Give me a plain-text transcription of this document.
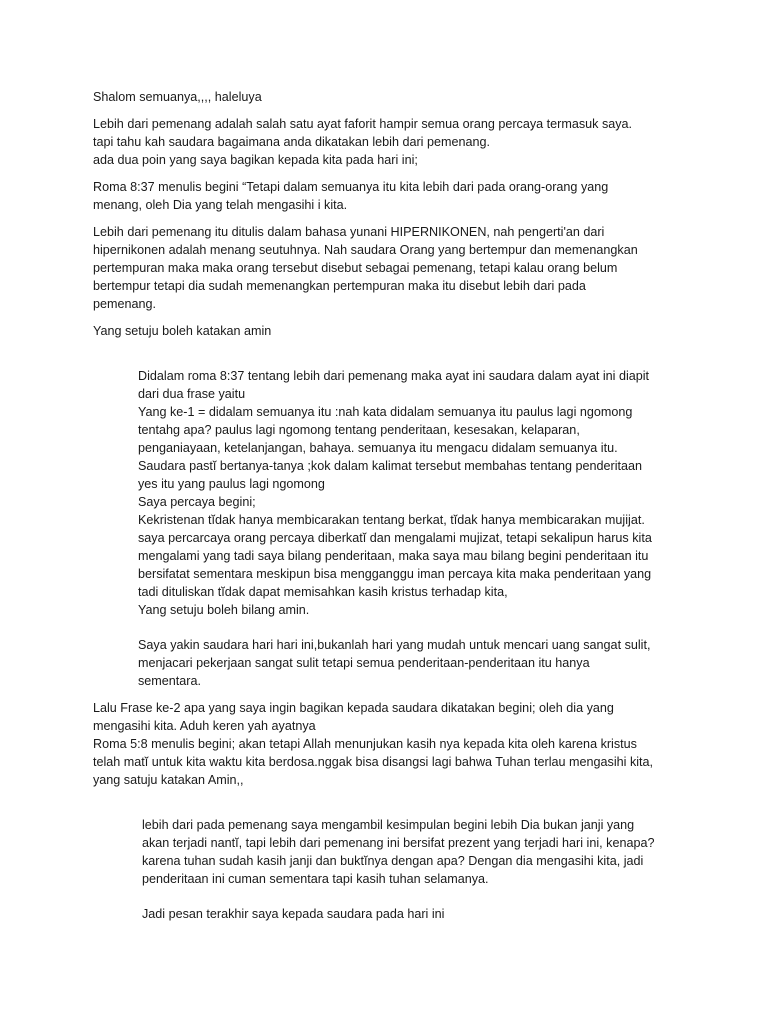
Shalom semuanya,,,, haleluya
Lebih dari pemenang adalah salah satu ayat faforit hampir semua orang percaya termasuk saya.
tapi tahu kah saudara bagaimana anda dikatakan lebih dari pemenang.
ada dua poin yang saya bagikan kepada kita pada hari ini;
Roma 8:37 menulis begini “Tetapi dalam semuanya itu kita lebih dari pada orang-orang yang
menang, oleh Dia yang telah mengasihi i kita.
Lebih dari pemenang itu ditulis dalam bahasa yunani HIPERNIKONEN, nah pengerti'an dari
hipernikonen adalah menang seutuhnya. Nah saudara Orang yang bertempur dan memenangkan
pertempuran maka maka orang tersebut disebut sebagai pemenang, tetapi kalau orang belum
bertempur tetapi dia sudah memenangkan pertempuran maka itu disebut lebih dari pada
pemenang.
Yang setuju boleh katakan amin
Didalam roma 8:37 tentang lebih dari pemenang maka ayat ini saudara dalam ayat ini diapit
dari dua frase yaitu
Yang ke-1 = didalam semuanya itu :nah kata didalam semuanya itu paulus lagi ngomong
tentahg apa? paulus lagi ngomong tentang penderitaan, kesesakan, kelaparan,
penganiayaan, ketelanjangan, bahaya. semuanya itu mengacu didalam semuanya itu.
Saudara pastĭ bertanya-tanya ;kok dalam kalimat tersebut membahas tentang penderitaan
yes itu yang paulus lagi ngomong
Saya percaya begini;
Kekristenan tĭdak hanya membicarakan tentang berkat, tĭdak hanya membicarakan mujijat.
saya percarcaya orang percaya diberkatĭ dan mengalami mujizat, tetapi sekalipun harus kita
mengalami yang tadi saya bilang penderitaan, maka saya mau bilang begini penderitaan itu
bersifatat sementara meskipun bisa mengganggu iman percaya kita maka penderitaan yang
tadi dituliskan tĭdak dapat memisahkan kasih kristus terhadap kita,
Yang setuju boleh bilang amin.
Saya yakin saudara hari hari ini,bukanlah hari yang mudah untuk mencari uang sangat sulit,
menjacari pekerjaan sangat sulit tetapi semua penderitaan-penderitaan itu hanya
sementara.
Lalu Frase ke-2 apa yang saya ingin bagikan kepada saudara dikatakan begini; oleh dia yang
mengasihi kita. Aduh keren yah ayatnya
Roma 5:8 menulis begini; akan tetapi Allah menunjukan kasih nya kepada kita oleh karena kristus
telah matĭ untuk kita waktu kita berdosa.nggak bisa disangsi lagi bahwa Tuhan terlau mengasihi kita,
yang satuju katakan Amin,,
lebih dari pada pemenang saya mengambil kesimpulan begini lebih Dia bukan janji yang
akan terjadi nantĭ, tapi lebih dari pemenang ini bersifat prezent yang terjadi hari ini, kenapa?
karena tuhan sudah kasih janji dan buktĭnya dengan apa? Dengan dia mengasihi kita, jadi
penderitaan ini cuman sementara tapi kasih tuhan selamanya.
Jadi pesan terakhir saya kepada saudara pada hari ini
